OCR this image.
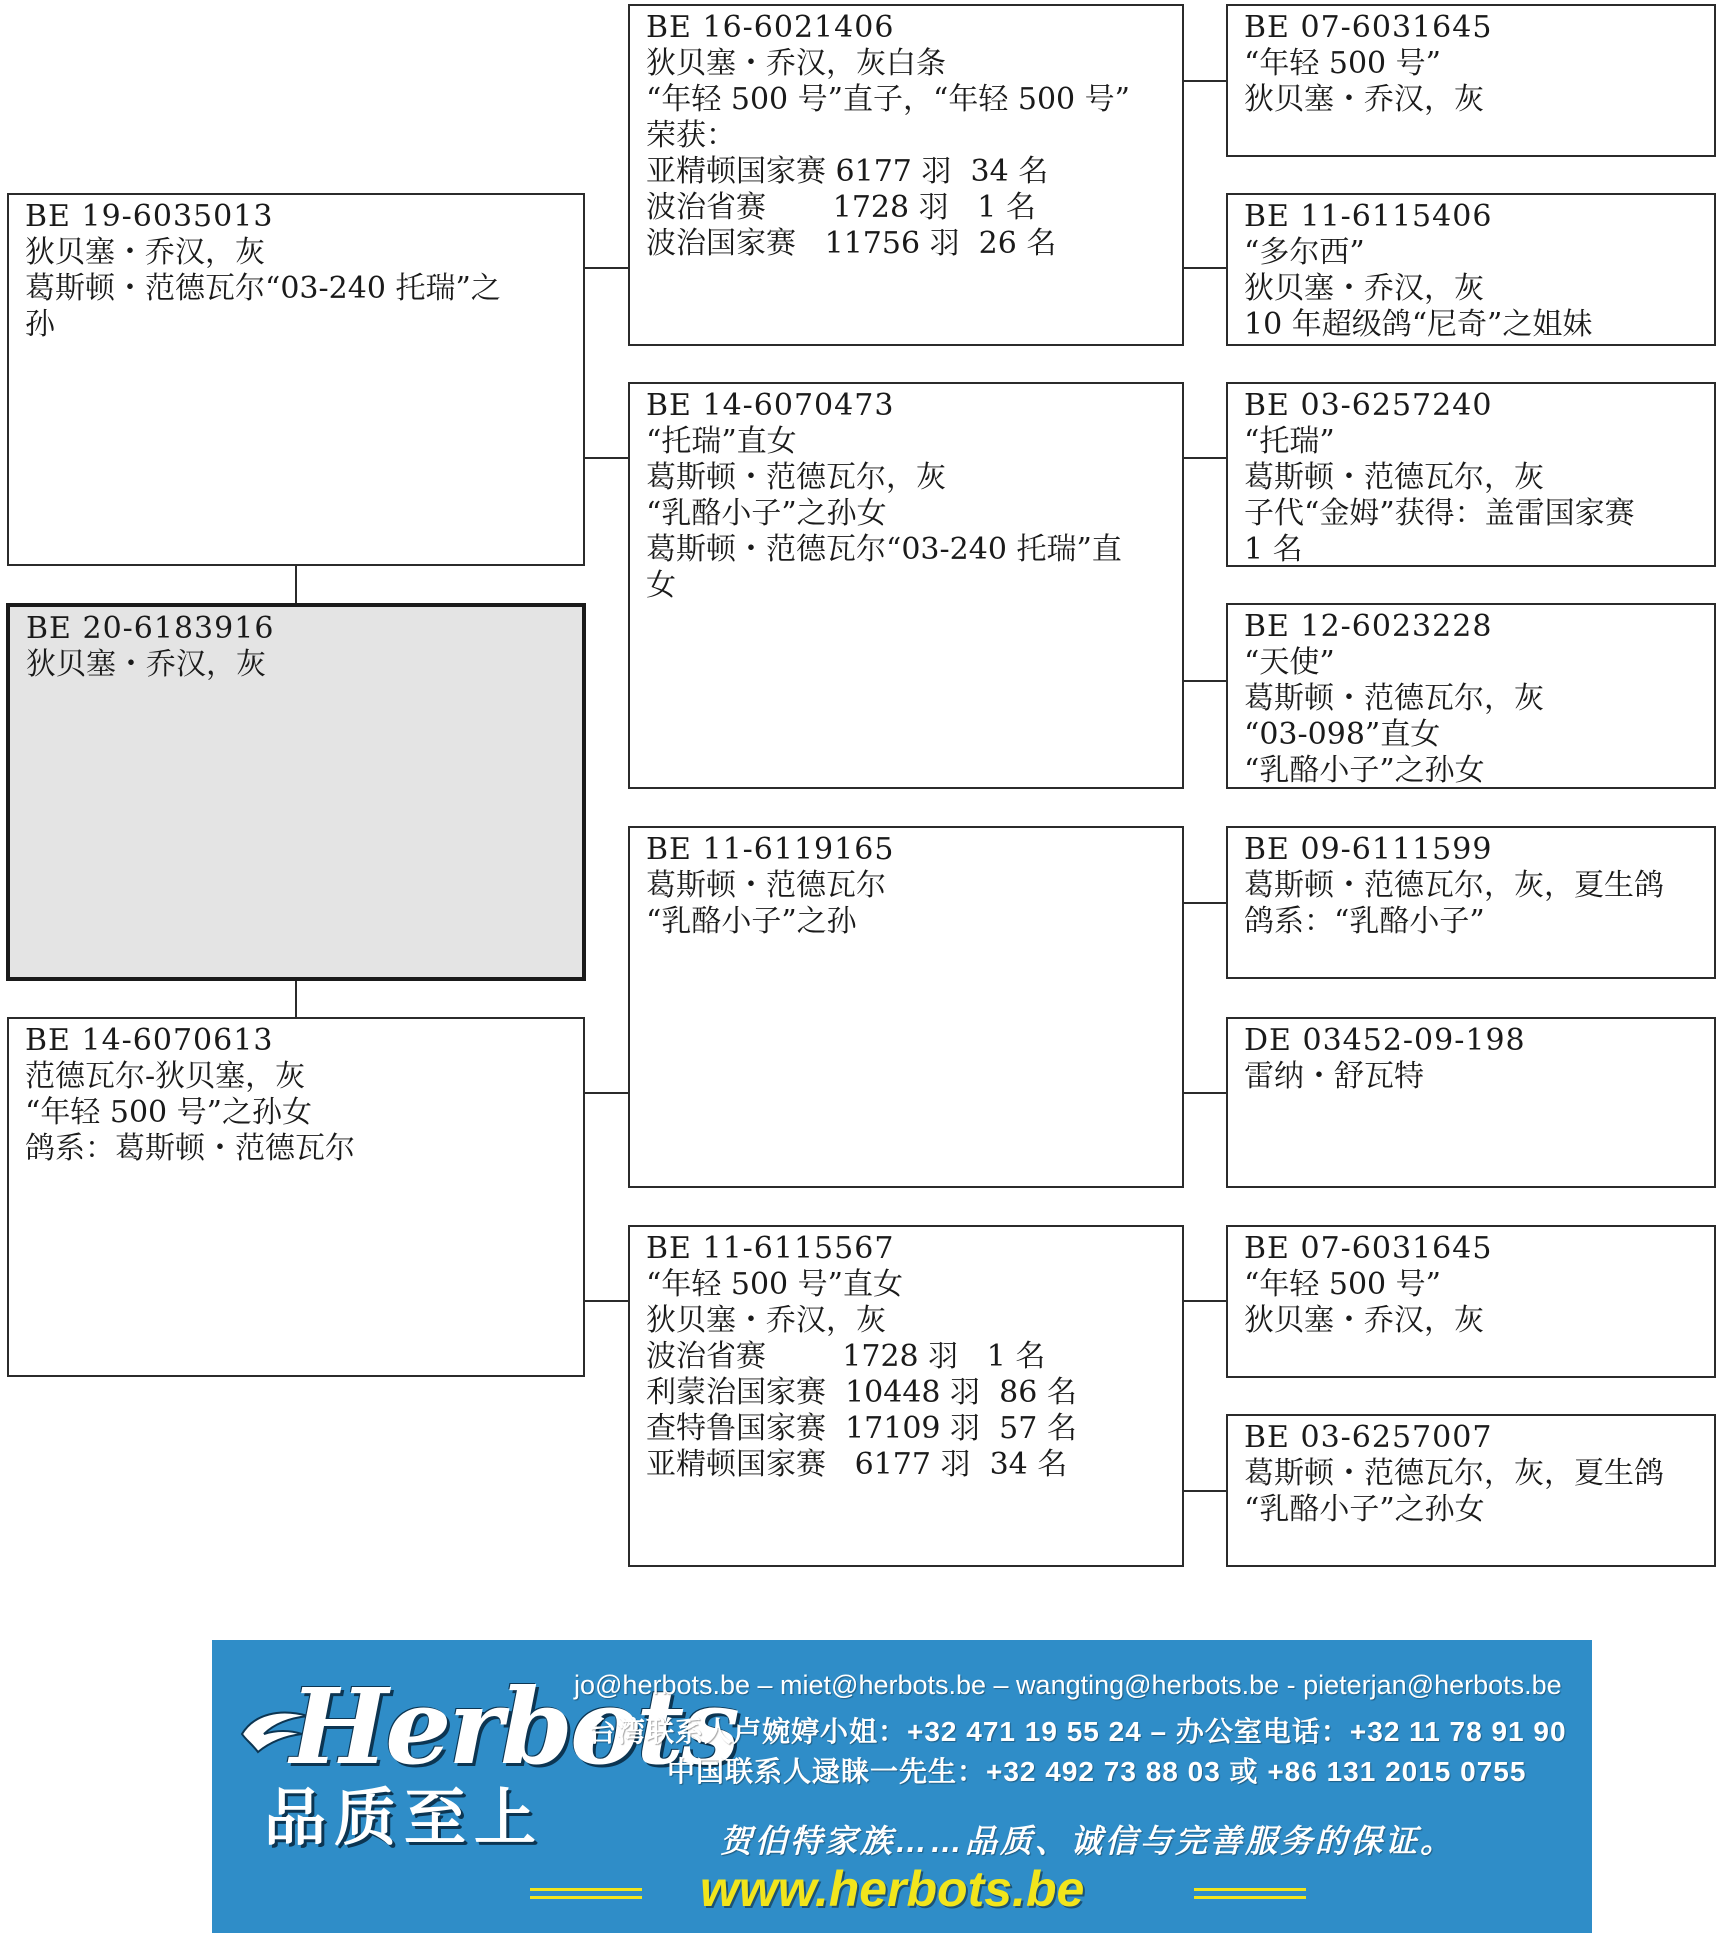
BE 19-6035013
狄贝塞・乔汉，灰
葛斯顿・范德瓦尔“03-240 托瑞”之
孙
BE 20-6183916
狄贝塞・乔汉，灰
BE 14-6070613
范德瓦尔-狄贝塞，灰
“年轻 500 号”之孙女
鸽系：葛斯顿・范德瓦尔
BE 16-6021406
狄贝塞・乔汉，灰白条
“年轻 500 号”直子，“年轻 500 号”
荣获：
亚精顿国家赛 6177 羽  34 名
波治省赛       1728 羽   1 名
波治国家赛   11756 羽  26 名
BE 14-6070473
“托瑞”直女
葛斯顿・范德瓦尔，灰
“乳酪小子”之孙女
葛斯顿・范德瓦尔“03-240 托瑞”直
女
BE 11-6119165
葛斯顿・范德瓦尔
“乳酪小子”之孙
BE 11-6115567
“年轻 500 号”直女
狄贝塞・乔汉，灰
波治省赛        1728 羽   1 名
利蒙治国家赛  10448 羽  86 名
查特鲁国家赛  17109 羽  57 名
亚精顿国家赛   6177 羽  34 名
BE 07-6031645
“年轻 500 号”
狄贝塞・乔汉，灰
BE 11-6115406
“多尔西”
狄贝塞・乔汉，灰
10 年超级鸽“尼奇”之姐妹
BE 03-6257240
“托瑞”
葛斯顿・范德瓦尔，灰
子代“金姆”获得：盖雷国家赛
1 名
BE 12-6023228
“天使”
葛斯顿・范德瓦尔，灰
“03-098”直女
“乳酪小子”之孙女
BE 09-6111599
葛斯顿・范德瓦尔，灰，夏生鸽
鸽系：“乳酪小子”
DE 03452-09-198
雷纳・舒瓦特
BE 07-6031645
“年轻 500 号”
狄贝塞・乔汉，灰
BE 03-6257007
葛斯顿・范德瓦尔，灰，夏生鸽
“乳酪小子”之孙女
Herbots
品质至上
jo@herbots.be – miet@herbots.be – wangting@herbots.be - pieterjan@herbots.be
台湾联系人卢婉婷小姐：+32 471 19 55 24 – 办公室电话：+32 11 78 91 90
中国联系人逯睐一先生：+32 492 73 88 03 或 +86 131 2015 0755
贺伯特家族……品质、诚信与完善服务的保证。
www.herbots.be
